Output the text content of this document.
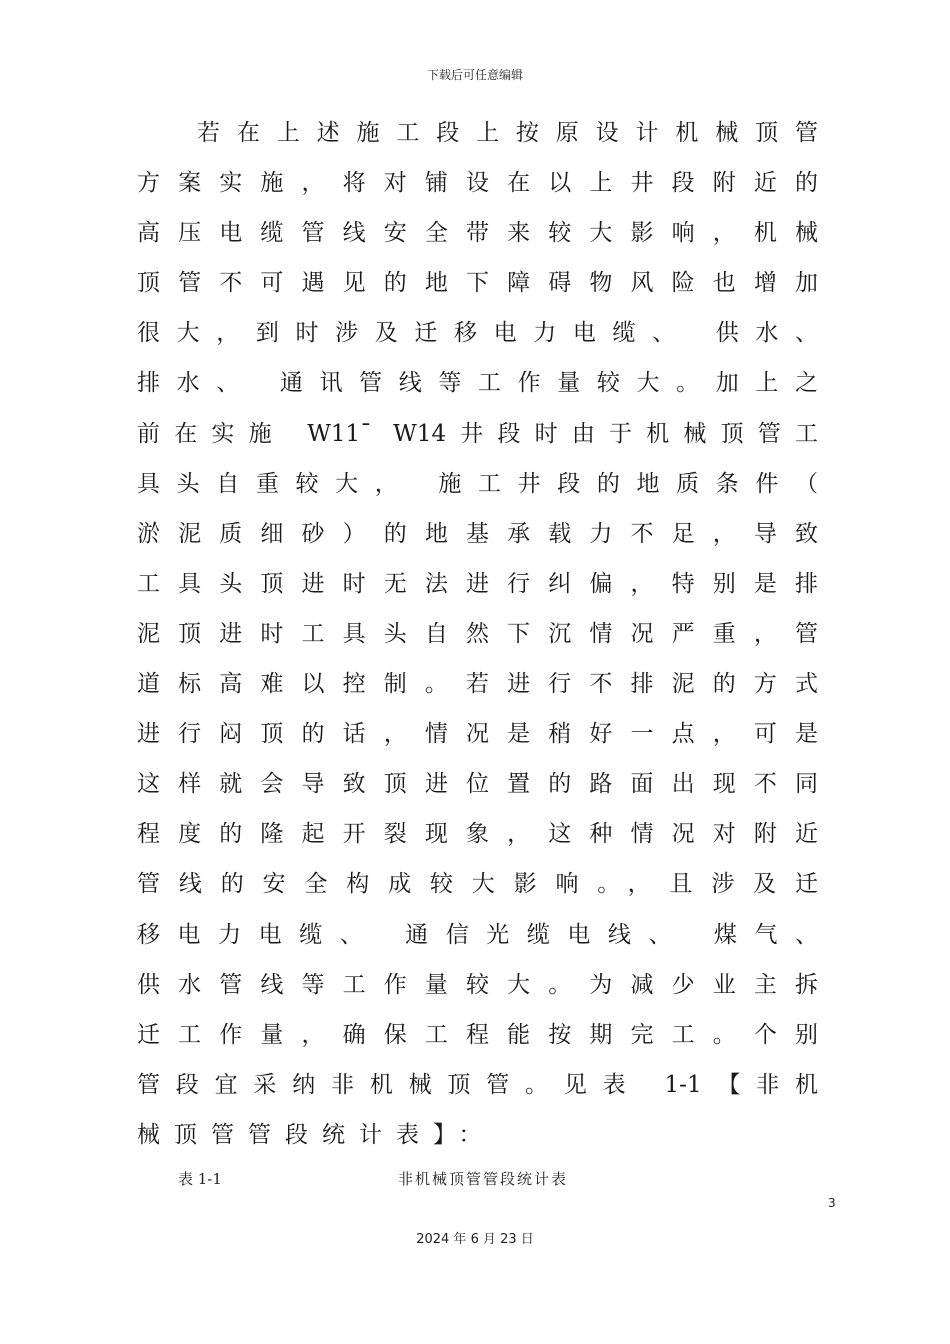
下载后可任意编辑
若在上述施工段上按原设计机械顶管
方案实施，将对铺设在以上井段附近的
高压电缆管线安全带来较大影响，机械
顶管不可遇见的地下障碍物风险也增加
很大，到时涉及迁移电力电缆、 供水、
排水、 通讯管线等工作量较大。加上之
前在实施 W11¯ W14井段时由于机械顶管工
具头自重较大， 施工井段的地质条件（
淤泥质细砂）的地基承载力不足，导致
工具头顶进时无法进行纠偏，特别是排
泥顶进时工具头自然下沉情况严重，管
道标高难以控制。若进行不排泥的方式
进行闷顶的话，情况是稍好一点，可是
这样就会导致顶进位置的路面出现不同
程度的隆起开裂现象，这种情况对附近
管线的安全构成较大影响。，且涉及迁
移电力电缆、 通信光缆电线、 煤气、
供水管线等工作量较大。为减少业主拆
迁工作量，确保工程能按期完工。个别
管段宜采纳非机械顶管。见表 1-1【非机
械顶管管段统计表】：
表 1-1	非机械顶管管段统计表
3
2024 年 6 月 23 日
